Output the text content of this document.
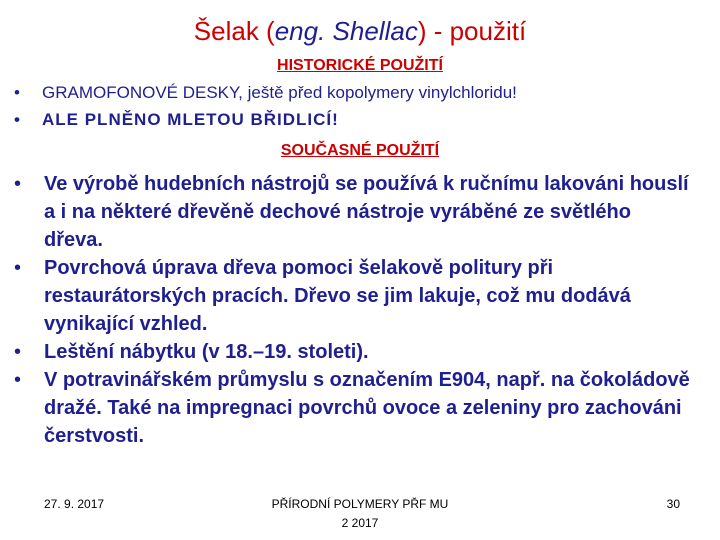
Šelak (eng. Shellac) - použití
HISTORICKÉ POUŽITÍ
• GRAMOFONOVÉ DESKY, ještě před kopolymery vinylchloridu!
• ALE PLNĚNO MLETOU BŘIDLICÍ!
SOUČASNÉ POUŽITÍ
• Ve výrobě hudebních nástrojů se používá k ručnímu lakováni houslí a i na některé dřevěně dechové nástroje vyráběné ze světlého dřeva.
• Povrchová úprava dřeva pomoci šelakově politury při restaurátorských pracích. Dřevo se jim lakuje, což mu dodává vynikající vzhled.
• Leštění nábytku (v 18.–19. stoleti).
• V potravinářském průmyslu s označením E904, např. na čokoládově dražé. Také na impregnaci povrchů ovoce a zeleniny pro zachováni čerstvosti.
27. 9. 2017	PŘÍRODNÍ POLYMERY PŘF MU
2 2017
30
